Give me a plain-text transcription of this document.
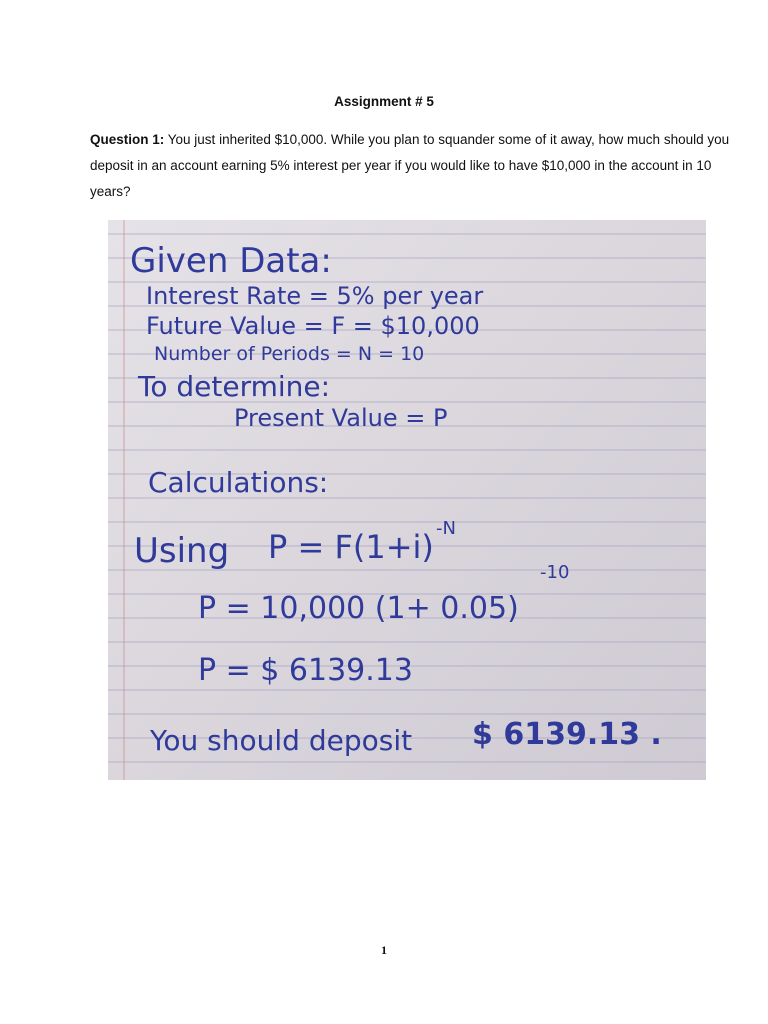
Assignment # 5
Question 1: You just inherited $10,000. While you plan to squander some of it away, how much should you deposit in an account earning 5% interest per year if you would like to have $10,000 in the account in 10 years?
Given Data:
Interest Rate = 5% per year
Future Value = F = $10,000
Number of Periods = N = 10
To determine:
Present Value = P
Calculations:
Using P = F(1+i) -N
P = 10,000 (1+ 0.05)
-10
P = $ 6139.13
You should deposit $ 6139.13 .
1
